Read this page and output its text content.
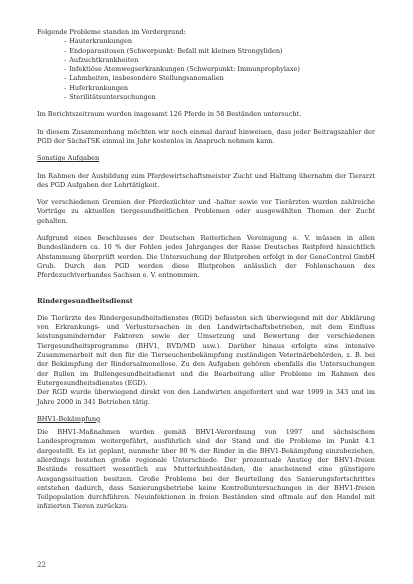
Folgende Probleme standen im Vordergrund:

- Hauterkrankungen
- Endoparasitosen (Schwerpunkt: Befall mit kleinen Strongyliden)
- Aufzuchtkrankheiten
- Infektiöse Atemwegserkrankungen (Schwerpunkt: Immunprophylaxe)
- Lahmheiten, insbesondere Stellungsanomalien
- Huferkrankungen
- Sterilitätsuntersuchungen

Im Berichtszeitraum wurden insgesamt 126 Pferde in 58 Beständen untersucht.

In diesem Zusammenhang möchten wir noch einmal darauf hinweisen, dass jeder Beitragszahler der PGD der SächsTSK einmal im Jahr kostenlos in Anspruch nehmen kann.

Sonstige Aufgaben

Im Rahmen der Ausbildung zum Pferdewirtschaftsmeister Zucht und Haltung übernahm der Tierarzt des PGD Aufgaben der Lehrtätigkeit.

Vor verschiedenen Gremien der Pferdezüchter und -halter sowie vor Tierärzten wurden zahlreiche Vorträge zu aktuellen tiergesundheitlichen Problemen oder ausgewählten Themen der Zucht gehalten.

Aufgrund eines Beschlusses der Deutschen Reiterlichen Vereinigung e. V. müssen in allen Bundesländern ca. 10 % der Fohlen jedes Jahrganges der Rasse Deutsches Reitpferd hinsichtlich Abstammung überprüft werden. Die Untersuchung der Blutproben erfolgt in der GeneControl GmbH Grub. Durch den PGD werden diese Blutproben anlässlich der Fohlenschauen des Pferdezuchtverbandes Sachsen e. V. entnommen.

Rindergesundheitsdienst

Die Tierärzte des Rindergesundheitsdienstes (RGD) befassten sich überwiegend mit der Abklärung von Erkrankungs- und Verlustursachen in den Landwirtschaftsbetrieben, mit dem Einfluss leistungsmindernder Faktoren sowie der Umsetzung und Bewertung der verschiedenen Tiergesundheitsprogramme (BHV1, BVD/MD usw.). Darüber hinaus erfolgte eine intensive Zusammenarbeit mit den für die Tierseuchenbekämpfung zuständigen Veterinärbehörden, z. B. bei der Bekämpfung der Rindersalmonellose. Zu den Aufgaben gehören ebenfalls die Untersuchungen der Bullen im Bullengesundheitsdienst und die Bearbeitung aller Probleme im Rahmen des Eutergesundheitsdienstes (EGD).

Der RGD wurde überwiegend direkt von den Landwirten angefordert und war 1999 in 343 und im Jahre 2000 in 341 Betrieben tätig.

BHV1-Bekämpfung

Die BHV1-Maßnahmen wurden gemäß BHV1-Verordnung von 1997 und sächsischem Landesprogramm weitergeführt, ausführlich sind der Stand und die Probleme im Punkt 4.1 dargestellt. Es ist geplant, nunmehr über 80 % der Rinder in die BHV1-Bekämpfung einzubeziehen, allerdings bestehen große regionale Unterschiede. Der prozentuale Anstieg der BHV1-freien Bestände resultiert wesentlich aus Mutterkuhbeständen, die anscheinend eine günstigere Ausgangssituation besitzen. Große Probleme bei der Beurteilung des Sanierungsfortschrittes entstehen dadurch, dass Sanierungsbetriebe keine Kontrolluntersuchungen in der BHV1-freien Teilpopulation durchführen. Neuinfektionen in freien Beständen sind oftmals auf den Handel mit infizierten Tieren zurückzu-

22
